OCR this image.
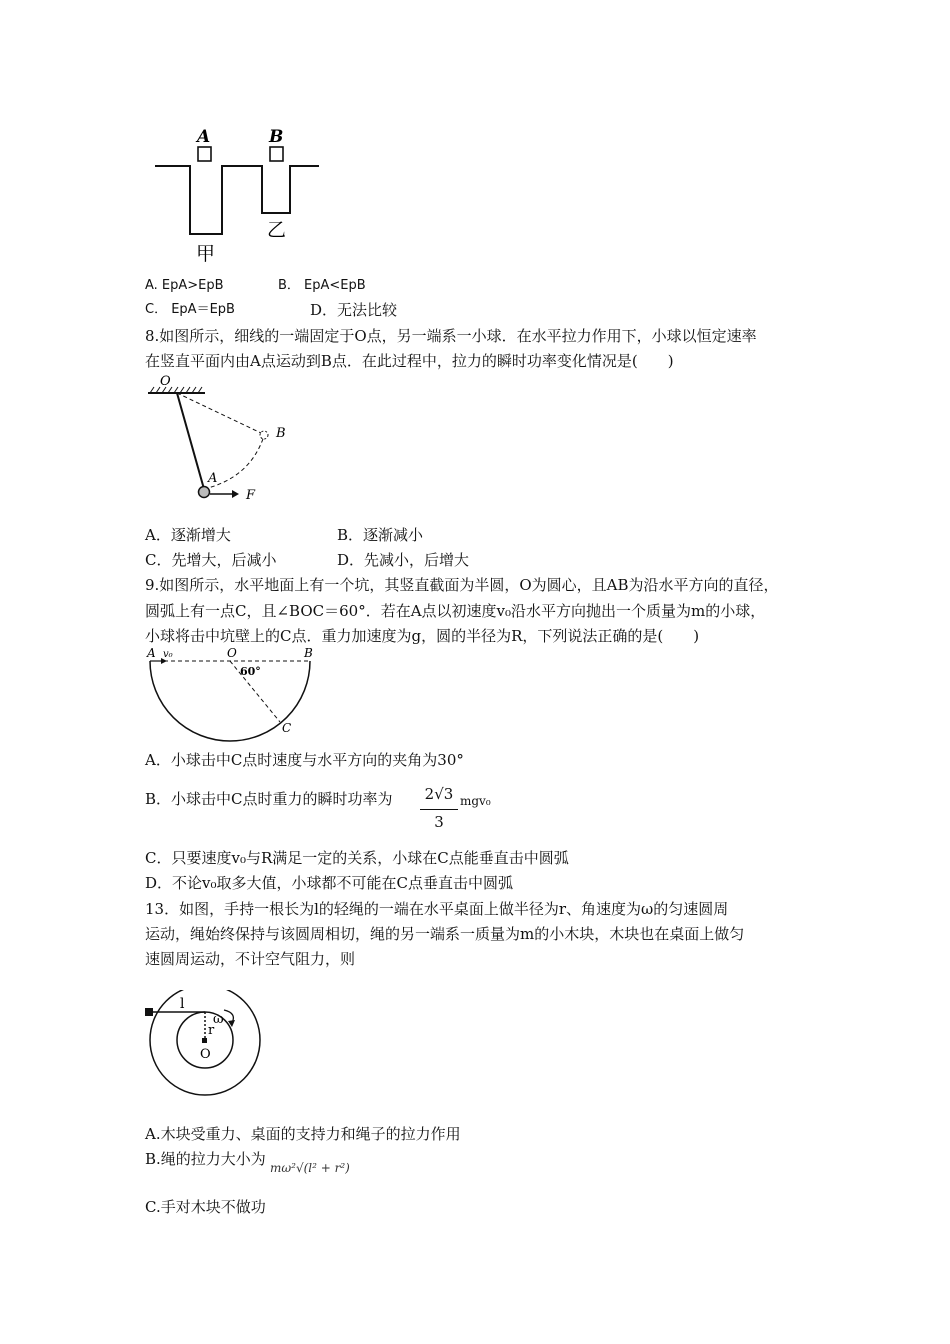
A	B
甲
乙
A. EpA>EpB	B． EpA<EpB
C． EpA＝EpB	D．无法比较
8.如图所示，细线的一端固定于O点，另一端系一小球．在水平拉力作用下，小球以恒定速率
在竖直平面内由A点运动到B点．在此过程中，拉力的瞬时功率变化情况是(　　)
O
B
A
F
A．逐渐增大	B．逐渐减小
C．先增大，后减小	D．先减小，后增大
9.如图所示，水平地面上有一个坑，其竖直截面为半圆，O为圆心，且AB为沿水平方向的直径，
圆弧上有一点C，且∠BOC＝60°．若在A点以初速度v₀沿水平方向抛出一个质量为m的小球，
小球将击中坑壁上的C点．重力加速度为g，圆的半径为R，下列说法正确的是(　　)
A v₀	O	B
60°
C
A．小球击中C点时速度与水平方向的夹角为30°
B．小球击中C点时重力的瞬时功率为	2√3
3
mgv₀
C．只要速度v₀与R满足一定的关系，小球在C点能垂直击中圆弧
D．不论v₀取多大值，小球都不可能在C点垂直击中圆弧
13．如图，手持一根长为l的轻绳的一端在水平桌面上做半径为r、角速度为ω的匀速圆周
运动，绳始终保持与该圆周相切，绳的另一端系一质量为m的小木块，木块也在桌面上做匀
速圆周运动，不计空气阻力，则
l
ω
r
O
A.木块受重力、桌面的支持力和绳子的拉力作用
B.绳的拉力大小为 mω²√(l² + r²)
C.手对木块不做功
